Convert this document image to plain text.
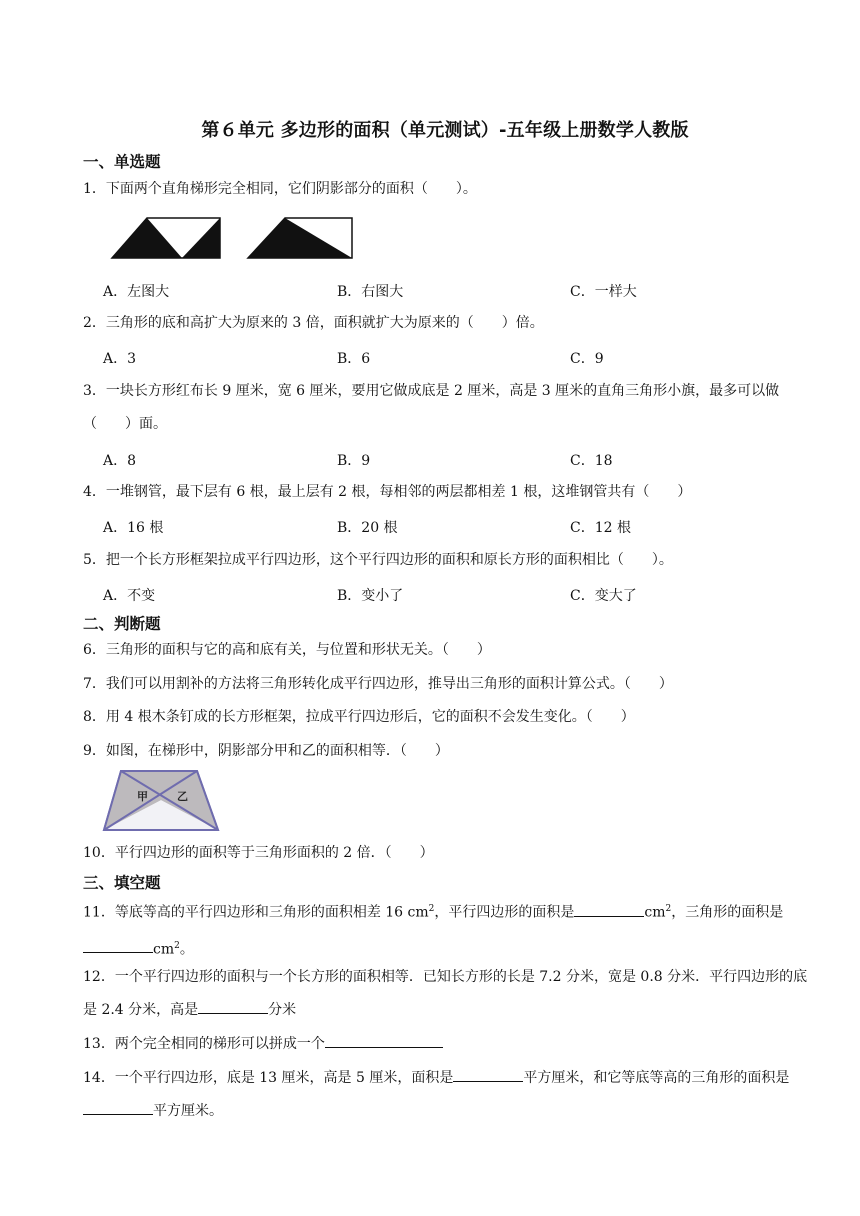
第６单元 多边形的面积（单元测试）-五年级上册数学人教版
一、单选题
1．下面两个直角梯形完全相同，它们阴影部分的面积（　　）。
A．左图大	B．右图大	C．一样大
2．三角形的底和高扩大为原来的 3 倍，面积就扩大为原来的（　　）倍。
A．3	B．6	C．9
3．一块长方形红布长 9 厘米，宽 6 厘米，要用它做成底是 2 厘米，高是 3 厘米的直角三角形小旗，最多可以做（　　）面。
A．8	B．9	C．18
4．一堆钢管，最下层有 6 根，最上层有 2 根，每相邻的两层都相差 1 根，这堆钢管共有（　　）
A．16 根	B．20 根	C．12 根
5．把一个长方形框架拉成平行四边形，这个平行四边形的面积和原长方形的面积相比（　　）。
A．不变	B．变小了	C．变大了
二、判断题
6．三角形的面积与它的高和底有关，与位置和形状无关。（　　）
7．我们可以用割补的方法将三角形转化成平行四边形，推导出三角形的面积计算公式。（　　）
8．用 4 根木条钉成的长方形框架，拉成平行四边形后，它的面积不会发生变化。（　　）
9．如图，在梯形中，阴影部分甲和乙的面积相等．（　　）
甲	乙
10．平行四边形的面积等于三角形面积的 2 倍．（　　）
三、填空题
11．等底等高的平行四边形和三角形的面积相差 16 $cm^2$，平行四边形的面积是	$cm^2$，三角形的面积是$cm^2$。
12．一个平行四边形的面积与一个长方形的面积相等．已知长方形的长是 7.2 分米，宽是 0.8 分米．平行四边形的底是 2.4 分米，高是	分米
13．两个完全相同的梯形可以拼成一个
14．一个平行四边形，底是 13 厘米，高是 5 厘米，面积是	平方厘米，和它等底等高的三角形的面积是平方厘米。
